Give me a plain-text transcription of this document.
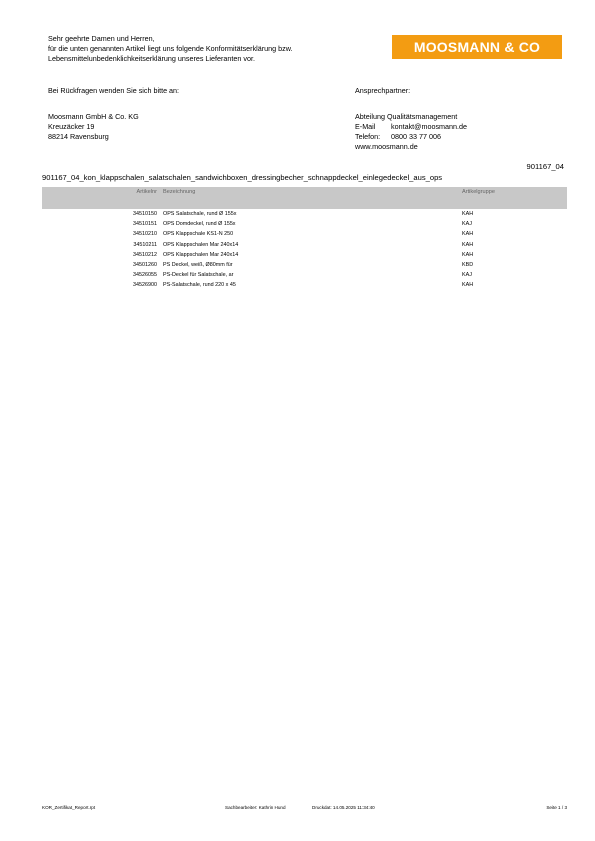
Sehr geehrte Damen und Herren,
für die unten genannten Artikel liegt uns folgende Konformitätserklärung bzw.
Lebensmittelunbedenklichkeitserklärung unseres Lieferanten vor.
MOOSMANN & CO
Bei Rückfragen wenden Sie sich bitte an:	Ansprechpartner:
Moosmann GmbH & Co. KG
Kreuzäcker 19
88214 Ravensburg
Abteilung Qualitätsmanagement
E-Mail kontakt@moosmann.de
Telefon: 0800 33 77 006
www.moosmann.de
901167_04
901167_04_kon_klappschalen_salatschalen_sandwichboxen_dressingbecher_schnappdeckel_einlegedeckel_aus_ops
Artikelnr Bezeichnung	Artikelgruppe
34510150 OPS Salatschale, rund Ø 155x	KAH
34510151 OPS Domdeckel, rund Ø 155x	KAJ
34510210 OPS Klappschale KS1-N 250	KAH
34510211 OPS Klappschalen Mar 240x14	KAH
34510212 OPS Klappschalen Mar 240x14	KAH
34501260 PS Deckel, weiß, Ø80mm für	KBD
34526055 PS-Deckel für Salatschale, ar	KAJ
34526900 PS-Salatschale, rund 220 x 45	KAH
KOR_Zertifikat_Report.rpt	Sachbearbeiter: Kathrin Hund	Druckdat: 14.05.2025 11:34:40	Seite 1 / 3
